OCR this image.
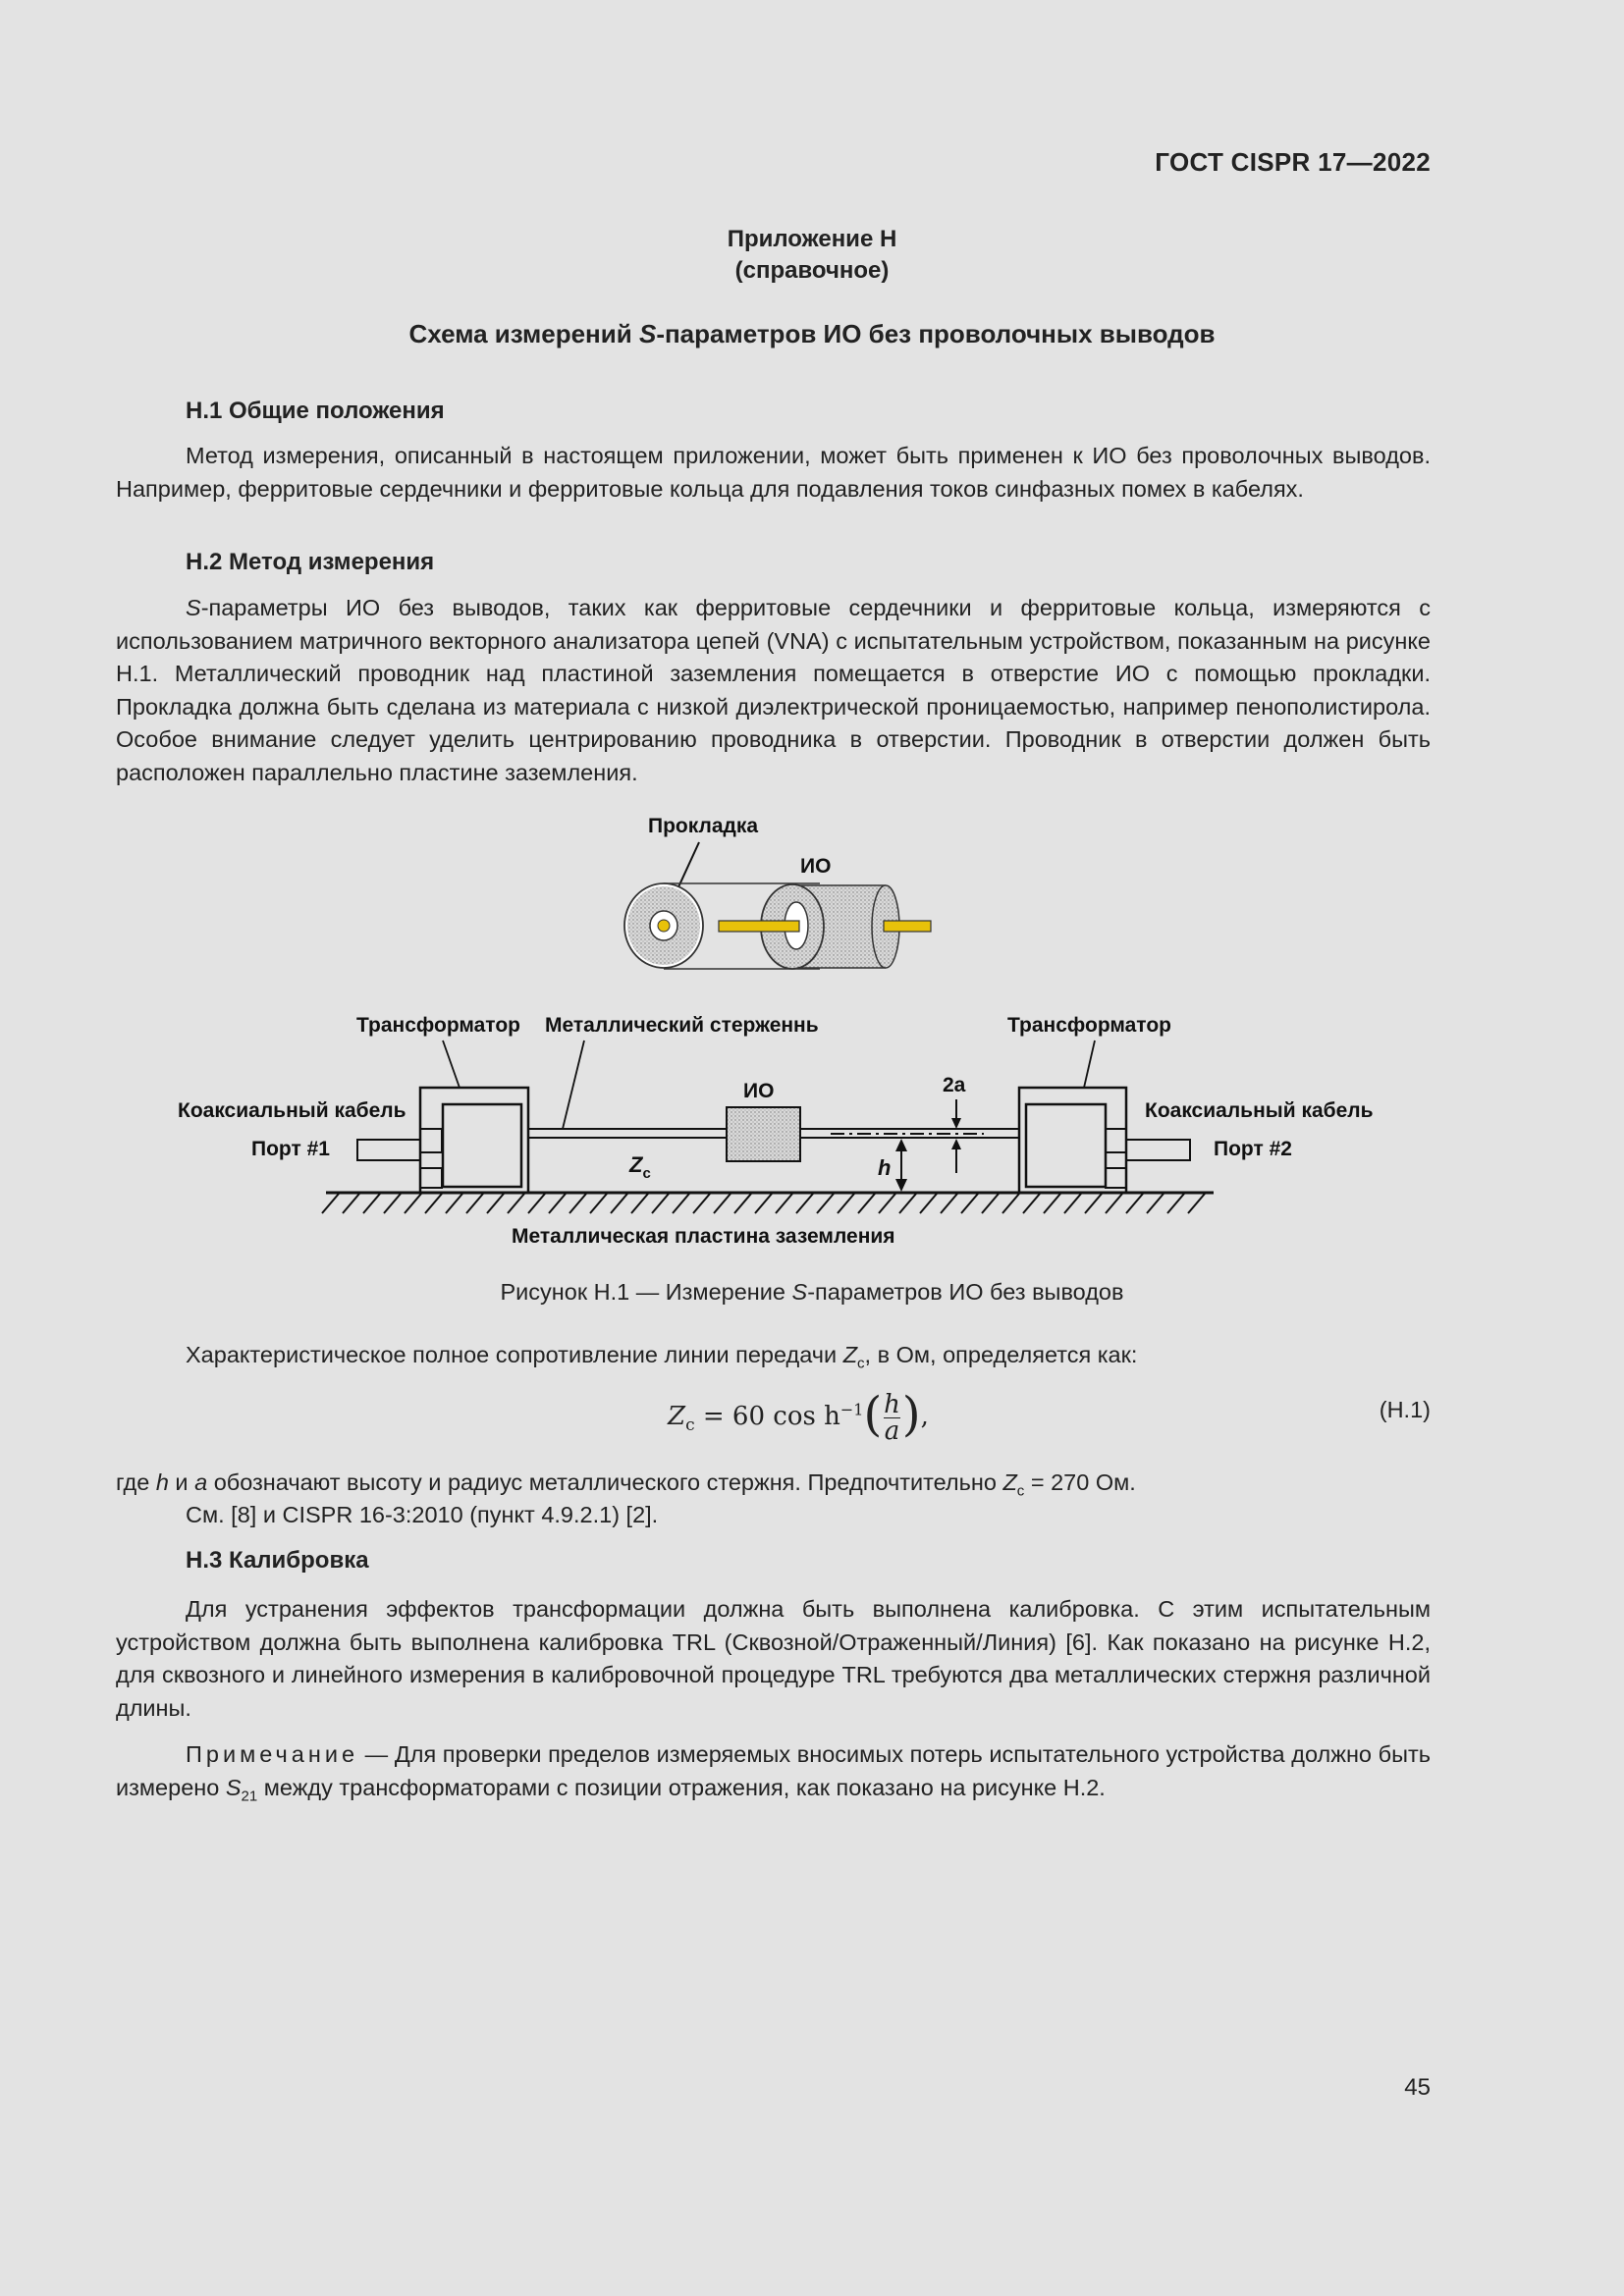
ГОСТ CISPR 17—2022
Приложение H
(справочное)
Схема измерений S-параметров ИО без проволочных выводов
H.1 Общие положения
Метод измерения, описанный в настоящем приложении, может быть применен к ИО без проволочных выводов. Например, ферритовые сердечники и ферритовые кольца для подавления токов синфазных помех в кабелях.
H.2 Метод измерения
S-параметры ИО без выводов, таких как ферритовые сердечники и ферритовые кольца, измеряются с использованием матричного векторного анализатора цепей (VNA) с испытательным устройством, показанным на рисунке H.1. Металлический проводник над пластиной заземления помещается в отверстие ИО с помощью прокладки. Прокладка должна быть сделана из материала с низкой диэлектрической проницаемостью, например пенополистирола. Особое внимание следует уделить центрированию проводника в отверстии. Проводник в отверстии должен быть расположен параллельно пластине заземления.
Прокладка
ИО
Трансформатор Металлический стерженнь	Трансформатор
Коаксиальный кабель	Коаксиальный кабель
Порт #1	Порт #2
ИО	2a
h
$Z_c$
Металлическая пластина заземления
Рисунок H.1 — Измерение S-параметров ИО без выводов
Характеристическое полное сопротивление линии передачи $Z_c$, в Ом, определяется как:
$Z_c = 60$ $\cos h^{-1}( \frac{h}{a}$ ),	(H.1)
где h и a обозначают высоту и радиус металлического стержня. Предпочтительно $Z_c = 270$ Ом.
См. [8] и CISPR 16-3:2010 (пункт 4.9.2.1) [2].
H.3 Калибровка
Для устранения эффектов трансформации должна быть выполнена калибровка. С этим испытательным устройством должна быть выполнена калибровка TRL (Сквозной/Отраженный/Линия) [6]. Как показано на рисунке H.2, для сквозного и линейного измерения в калибровочной процедуре TRL требуются два металлических стержня различной длины.
Примечание — Для проверки пределов измеряемых вносимых потерь испытательного устройства должно быть измерено $S_{21}$ между трансформаторами с позиции отражения, как показано на рисунке H.2.
45
